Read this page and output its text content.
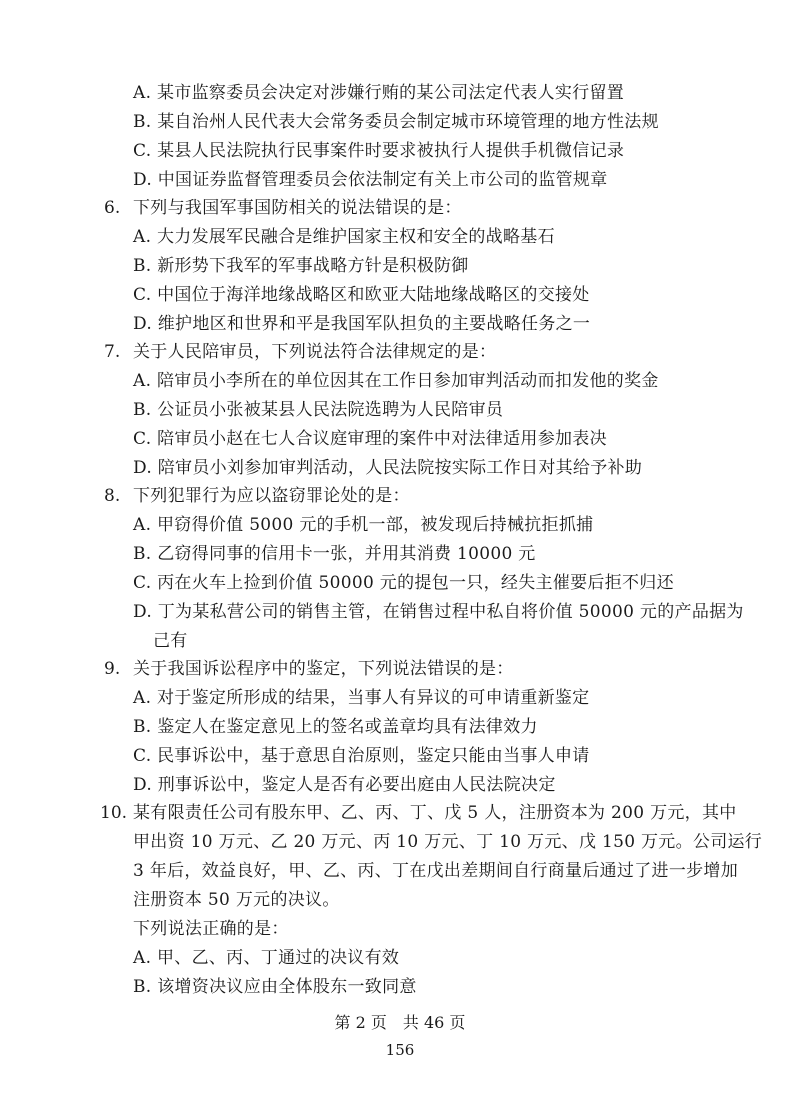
A. 某市监察委员会决定对涉嫌行贿的某公司法定代表人实行留置
B. 某自治州人民代表大会常务委员会制定城市环境管理的地方性法规
C. 某县人民法院执行民事案件时要求被执行人提供手机微信记录
D. 中国证券监督管理委员会依法制定有关上市公司的监管规章
6. 下列与我国军事国防相关的说法错误的是：
A. 大力发展军民融合是维护国家主权和安全的战略基石
B. 新形势下我军的军事战略方针是积极防御
C. 中国位于海洋地缘战略区和欧亚大陆地缘战略区的交接处
D. 维护地区和世界和平是我国军队担负的主要战略任务之一
7. 关于人民陪审员，下列说法符合法律规定的是：
A. 陪审员小李所在的单位因其在工作日参加审判活动而扣发他的奖金
B. 公证员小张被某县人民法院选聘为人民陪审员
C. 陪审员小赵在七人合议庭审理的案件中对法律适用参加表决
D. 陪审员小刘参加审判活动，人民法院按实际工作日对其给予补助
8. 下列犯罪行为应以盗窃罪论处的是：
A. 甲窃得价值 5000 元的手机一部，被发现后持械抗拒抓捕
B. 乙窃得同事的信用卡一张，并用其消费 10000 元
C. 丙在火车上捡到价值 50000 元的提包一只，经失主催要后拒不归还
D. 丁为某私营公司的销售主管，在销售过程中私自将价值 50000 元的产品据为
己有
9. 关于我国诉讼程序中的鉴定，下列说法错误的是：
A. 对于鉴定所形成的结果，当事人有异议的可申请重新鉴定
B. 鉴定人在鉴定意见上的签名或盖章均具有法律效力
C. 民事诉讼中，基于意思自治原则，鉴定只能由当事人申请
D. 刑事诉讼中，鉴定人是否有必要出庭由人民法院决定
10. 某有限责任公司有股东甲、乙、丙、丁、戊 5 人，注册资本为 200 万元，其中
甲出资 10 万元、乙 20 万元、丙 10 万元、丁 10 万元、戊 150 万元。公司运行
3 年后，效益良好，甲、乙、丙、丁在戊出差期间自行商量后通过了进一步增加
注册资本 50 万元的决议。
下列说法正确的是：
A. 甲、乙、丙、丁通过的决议有效
B. 该增资决议应由全体股东一致同意
第 2 页　共 46 页
156
